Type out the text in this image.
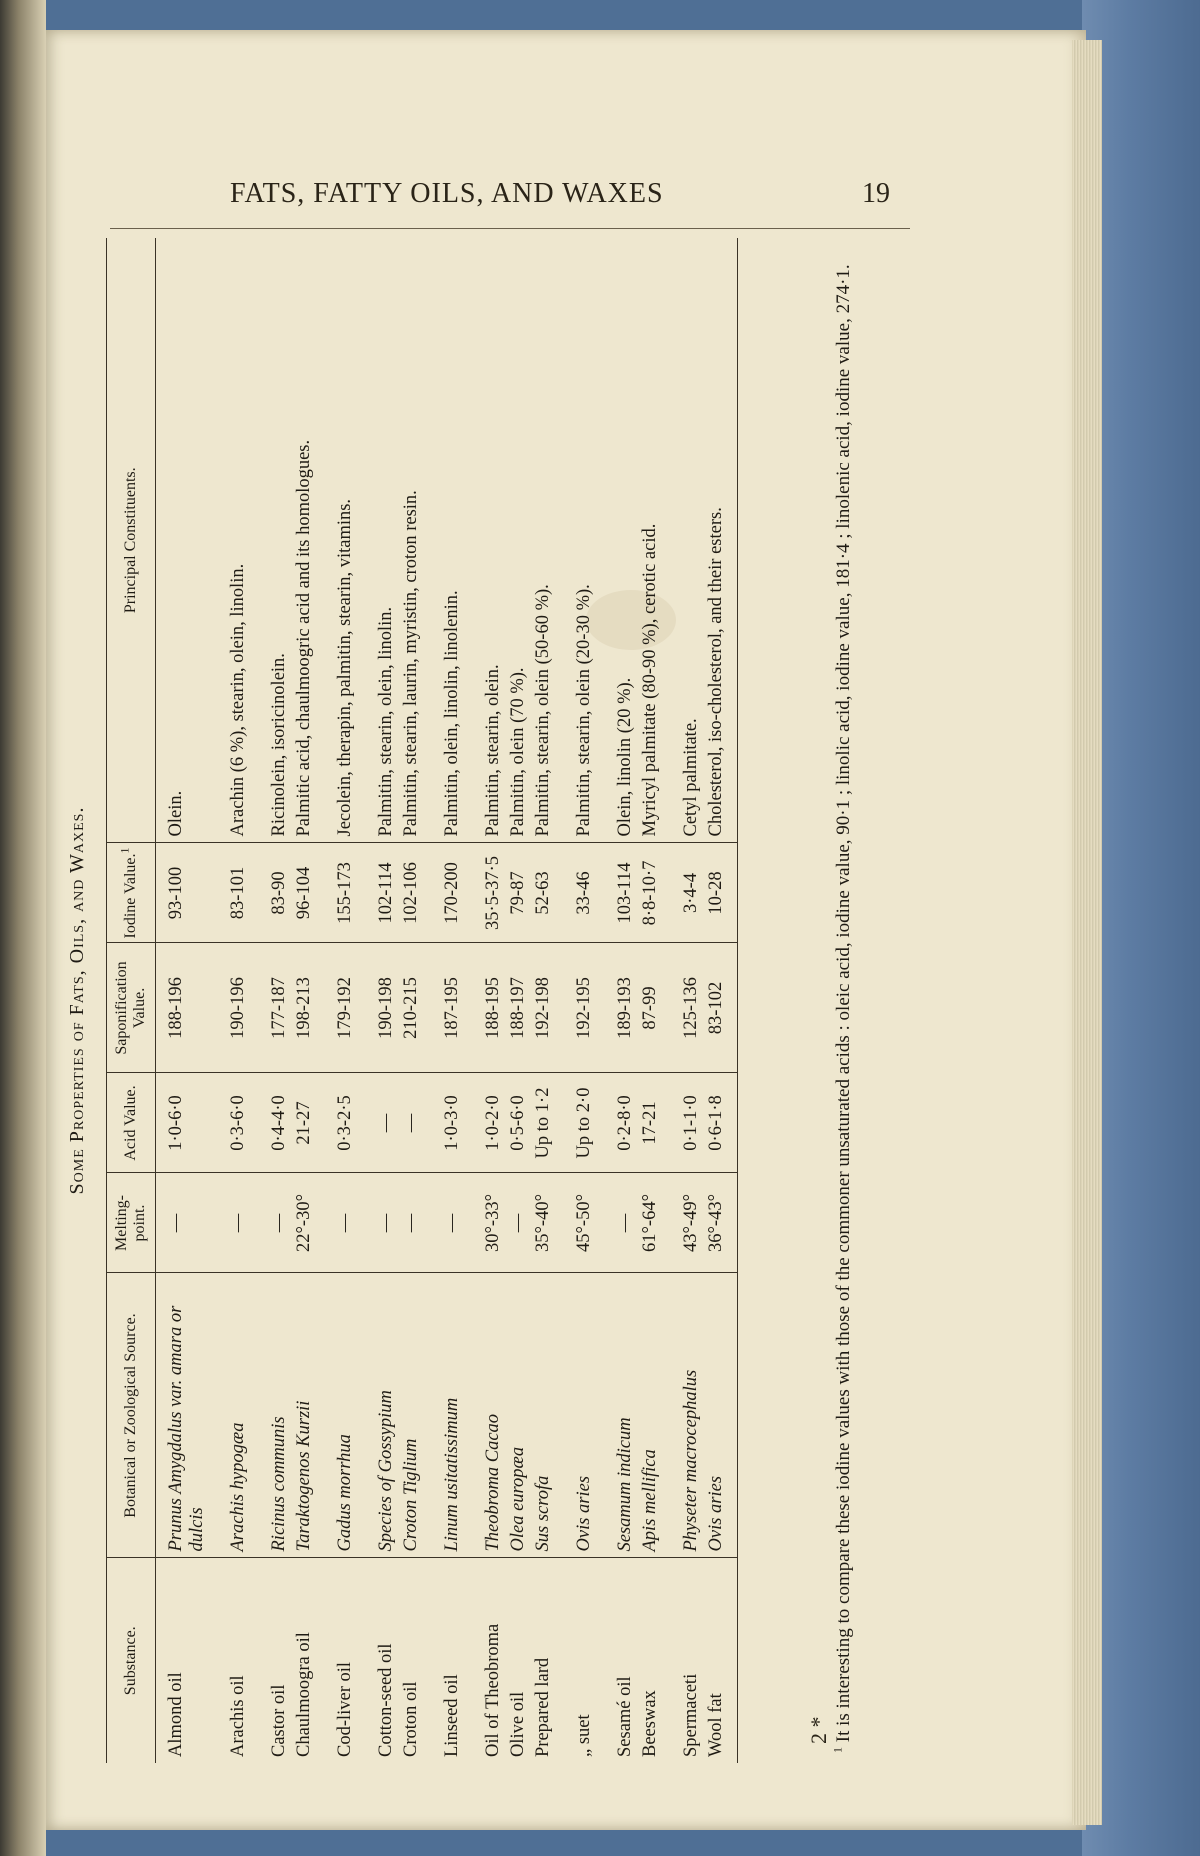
FATS, FATTY OILS, AND WAXES	19
2 *
Some Properties of Fats, Oils, and Waxes.
Substance.	Botanical or Zoological Source.	Melting-point.	Acid Value.	Saponification Value.	Iodine Value.$^1$	Principal Constituents.
Almond oil	Prunus Amygdalus var. amara or dulcis	—	1·0-6·0	188-196	93-100	Olein.
Arachis oil	Arachis hypogæa	—	0·3-6·0	190-196	83-101	Arachin (6 %), stearin, olein, linolin.
Castor oil	Ricinus communis	—	0·4-4·0	177-187	83-90	Ricinolein, isoricinolein.
Chaulmoogra oil	Taraktogenos Kurzii	22°-30°	21-27	198-213	96-104	Palmitic acid, chaulmoogric acid and its homologues.
Cod-liver oil	Gadus morrhua	—	0·3-2·5	179-192	155-173	Jecolein, therapin, palmitin, stearin, vitamins.
Cotton-seed oil	Species of Gossypium	—	—	190-198	102-114	Palmitin, stearin, olein, linolin.
Croton oil	Croton Tiglium	—	—	210-215	102-106	Palmitin, stearin, laurin, myristin, croton resin.
Linseed oil	Linum usitatissimum	—	1·0-3·0	187-195	170-200	Palmitin, olein, linolin, linolenin.
Oil of Theobroma	Theobroma Cacao	30°-33°	1·0-2·0	188-195	35·5-37·5	Palmitin, stearin, olein.
Olive oil	Olea europæa	—	0·5-6·0	188-197	79-87	Palmitin, olein (70 %).
Prepared lard	Sus scrofa	35°-40°	Up to 1·2	192-198	52-63	Palmitin, stearin, olein (50-60 %).
„ suet	Ovis aries	45°-50°	Up to 2·0	192-195	33-46	Palmitin, stearin, olein (20-30 %).
Sesamé oil	Sesamum indicum	—	0·2-8·0	189-193	103-114	Olein, linolin (20 %).
Beeswax	Apis mellifica	61°-64°	17-21	87-99	8·8-10·7	Myricyl palmitate (80-90 %), cerotic acid.
Spermaceti	Physeter macrocephalus	43°-49°	0·1-1·0	125-136	3·4-4	Cetyl palmitate.
Wool fat	Ovis aries	36°-43°	0·6-1·8	83-102	10-28	Cholesterol, iso-cholesterol, and their esters.
$^1$ It is interesting to compare these iodine values with those of the commoner unsaturated acids : oleic acid, iodine value, 90·1 ; linolic acid, iodine value, 181·4 ; linolenic acid, iodine value, 274·1.
